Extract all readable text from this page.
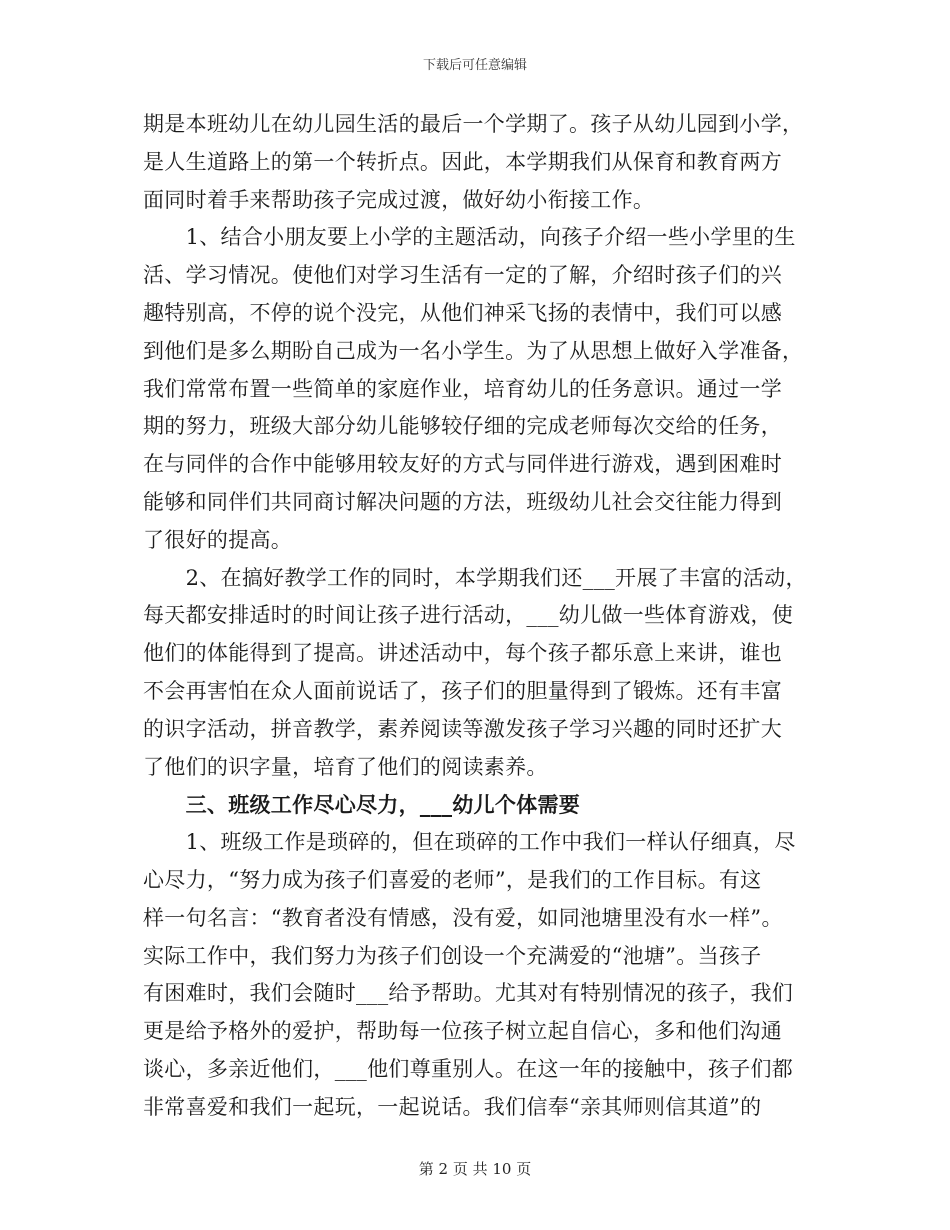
下载后可任意编辑
期是本班幼儿在幼儿园生活的最后一个学期了。孩子从幼儿园到小学，
是人生道路上的第一个转折点。因此，本学期我们从保育和教育两方
面同时着手来帮助孩子完成过渡，做好幼小衔接工作。
　　1、结合小朋友要上小学的主题活动，向孩子介绍一些小学里的生
活、学习情况。使他们对学习生活有一定的了解，介绍时孩子们的兴
趣特别高，不停的说个没完，从他们神采飞扬的表情中，我们可以感
到他们是多么期盼自己成为一名小学生。为了从思想上做好入学准备，
我们常常布置一些简单的家庭作业，培育幼儿的任务意识。通过一学
期的努力，班级大部分幼儿能够较仔细的完成老师每次交给的任务，
在与同伴的合作中能够用较友好的方式与同伴进行游戏，遇到困难时
能够和同伴们共同商讨解决问题的方法，班级幼儿社会交往能力得到
了很好的提高。
　　2、在搞好教学工作的同时，本学期我们还___开展了丰富的活动，
每天都安排适时的时间让孩子进行活动，___幼儿做一些体育游戏，使
他们的体能得到了提高。讲述活动中，每个孩子都乐意上来讲，谁也
不会再害怕在众人面前说话了，孩子们的胆量得到了锻炼。还有丰富
的识字活动，拼音教学，素养阅读等激发孩子学习兴趣的同时还扩大
了他们的识字量，培育了他们的阅读素养。
　　三、班级工作尽心尽力，___幼儿个体需要
　　1、班级工作是琐碎的，但在琐碎的工作中我们一样认仔细真，尽
心尽力，“努力成为孩子们喜爱的老师”，是我们的工作目标。有这
样一句名言：“教育者没有情感，没有爱，如同池塘里没有水一样”。
实际工作中，我们努力为孩子们创设一个充满爱的“池塘”。当孩子
有困难时，我们会随时___给予帮助。尤其对有特别情况的孩子，我们
更是给予格外的爱护，帮助每一位孩子树立起自信心，多和他们沟通
谈心，多亲近他们，___他们尊重别人。在这一年的接触中，孩子们都
非常喜爱和我们一起玩，一起说话。我们信奉“亲其师则信其道”的
第 2 页 共 10 页
